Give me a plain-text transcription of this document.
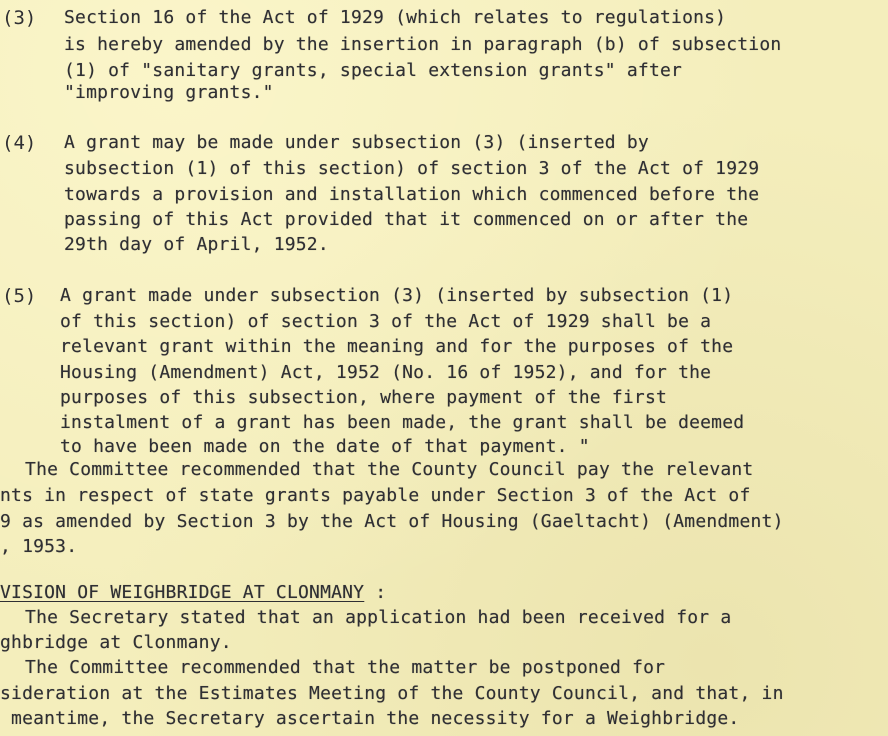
(3) Section 16 of the Act of 1929 (which relates to regulations)
is hereby amended by the insertion in paragraph (b) of subsection
(1) of "sanitary grants, special extension grants" after
"improving grants."
(4) A grant may be made under subsection (3) (inserted by
subsection (1) of this section) of section 3 of the Act of 1929
towards a provision and installation which commenced before the
passing of this Act provided that it commenced on or after the
29th day of April, 1952.
(5) A grant made under subsection (3) (inserted by subsection (1)
of this section) of section 3 of the Act of 1929 shall be a
relevant grant within the meaning and for the purposes of the
Housing (Amendment) Act, 1952 (No. 16 of 1952), and for the
purposes of this subsection, where payment of the first
instalment of a grant has been made, the grant shall be deemed
to have been made on the date of that payment. "
The Committee recommended that the County Council pay the relevant
nts in respect of state grants payable under Section 3 of the Act of
9 as amended by Section 3 by the Act of Housing (Gaeltacht) (Amendment)
, 1953.
VISION OF WEIGHBRIDGE AT CLONMANY :
The Secretary stated that an application had been received for a
ghbridge at Clonmany.
The Committee recommended that the matter be postponed for
sideration at the Estimates Meeting of the County Council, and that, in
meantime, the Secretary ascertain the necessity for a Weighbridge.
